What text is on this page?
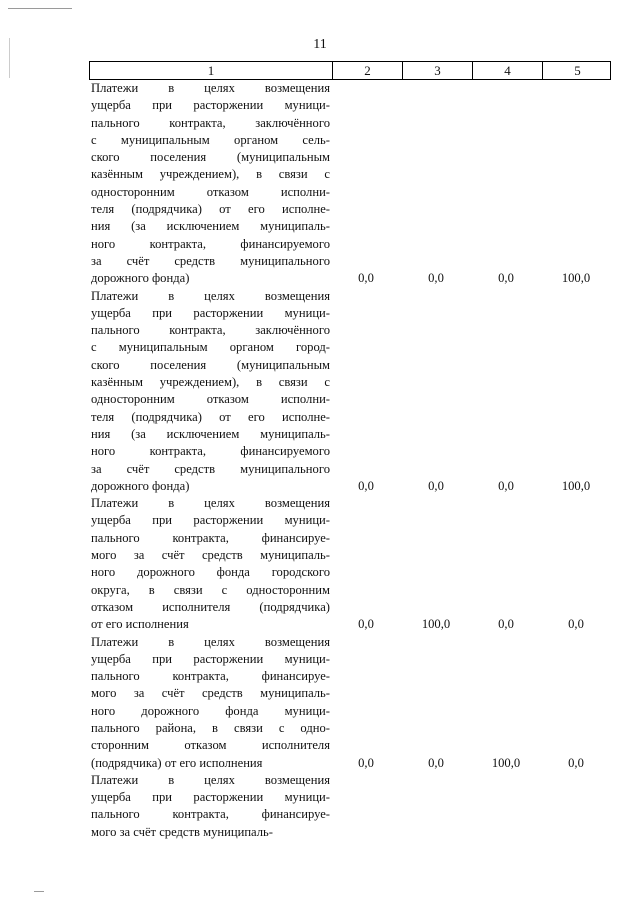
11
1	2	3	4	5
Платежи в целях возмещения
ущерба при расторжении муници-
пального контракта, заключённого
с муниципальным органом сель-
ского поселения (муниципальным
казённым учреждением), в связи с
односторонним отказом исполни-
теля (подрядчика) от его исполне-
ния (за исключением муниципаль-
ного контракта, финансируемого
за счёт средств муниципального
дорожного фонда)	0,0	0,0	0,0	100,0
Платежи в целях возмещения
ущерба при расторжении муници-
пального контракта, заключённого
с муниципальным органом город-
ского поселения (муниципальным
казённым учреждением), в связи с
односторонним отказом исполни-
теля (подрядчика) от его исполне-
ния (за исключением муниципаль-
ного контракта, финансируемого
за счёт средств муниципального
дорожного фонда)	0,0	0,0	0,0	100,0
Платежи в целях возмещения
ущерба при расторжении муници-
пального контракта, финансируе-
мого за счёт средств муниципаль-
ного дорожного фонда городского
округа, в связи с односторонним
отказом исполнителя (подрядчика)
от его исполнения	0,0	100,0	0,0	0,0
Платежи в целях возмещения
ущерба при расторжении муници-
пального контракта, финансируе-
мого за счёт средств муниципаль-
ного дорожного фонда муници-
пального района, в связи с одно-
сторонним отказом исполнителя
(подрядчика) от его исполнения	0,0	0,0	100,0	0,0
Платежи в целях возмещения
ущерба при расторжении муници-
пального контракта, финансируе-
мого за счёт средств муниципаль-
